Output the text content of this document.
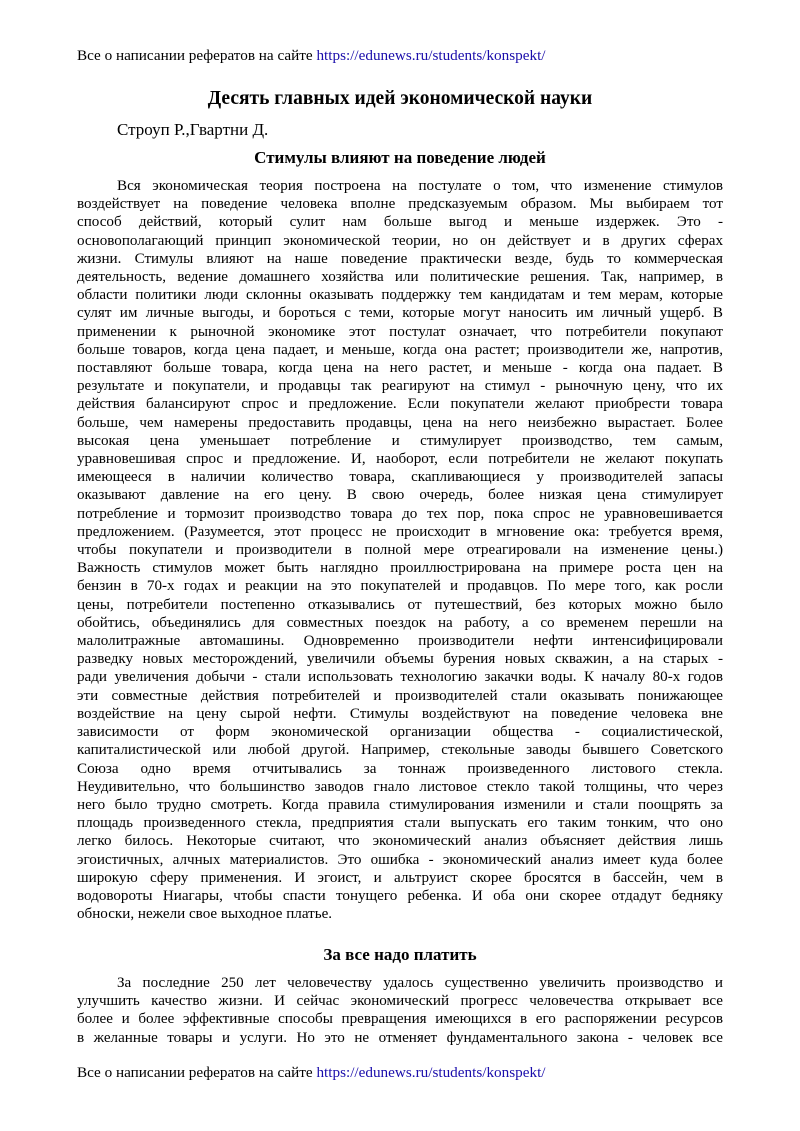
Все о написании рефератов на сайте https://edunews.ru/students/konspekt/
Десять главных идей экономической науки
Строуп Р.,Гвартни Д.
Стимулы влияют на поведение людей
Вся экономическая теория построена на постулате о том, что изменение стимулов
воздействует на поведение человека вполне предсказуемым образом. Мы выбираем тот
способ действий, который сулит нам больше выгод и меньше издержек. Это -
основополагающий принцип экономической теории, но он действует и в других сферах
жизни. Стимулы влияют на наше поведение практически везде, будь то коммерческая
деятельность, ведение домашнего хозяйства или политические решения. Так, например, в
области политики люди склонны оказывать поддержку тем кандидатам и тем мерам, которые
сулят им личные выгоды, и бороться с теми, которые могут наносить им личный ущерб. В
применении к рыночной экономике этот постулат означает, что потребители покупают
больше товаров, когда цена падает, и меньше, когда она растет; производители же, напротив,
поставляют больше товара, когда цена на него растет, и меньше - когда она падает. В
результате и покупатели, и продавцы так реагируют на стимул - рыночную цену, что их
действия балансируют спрос и предложение. Если покупатели желают приобрести товара
больше, чем намерены предоставить продавцы, цена на него неизбежно вырастает. Более
высокая цена уменьшает потребление и стимулирует производство, тем самым,
уравновешивая спрос и предложение. И, наоборот, если потребители не желают покупать
имеющееся в наличии количество товара, скапливающиеся у производителей запасы
оказывают давление на его цену. В свою очередь, более низкая цена стимулирует
потребление и тормозит производство товара до тех пор, пока спрос не уравновешивается
предложением. (Разумеется, этот процесс не происходит в мгновение ока: требуется время,
чтобы покупатели и производители в полной мере отреагировали на изменение цены.)
Важность стимулов может быть наглядно проиллюстрирована на примере роста цен на
бензин в 70-х годах и реакции на это покупателей и продавцов. По мере того, как росли
цены, потребители постепенно отказывались от путешествий, без которых можно было
обойтись, объединялись для совместных поездок на работу, а со временем перешли на
малолитражные автомашины. Одновременно производители нефти интенсифицировали
разведку новых месторождений, увеличили объемы бурения новых скважин, а на старых -
ради увеличения добычи - стали использовать технологию закачки воды. К началу 80-х годов
эти совместные действия потребителей и производителей стали оказывать понижающее
воздействие на цену сырой нефти. Стимулы воздействуют на поведение человека вне
зависимости от форм экономической организации общества - социалистической,
капиталистической или любой другой. Например, стекольные заводы бывшего Советского
Союза одно время отчитывались за тоннаж произведенного листового стекла.
Неудивительно, что большинство заводов гнало листовое стекло такой толщины, что через
него было трудно смотреть. Когда правила стимулирования изменили и стали поощрять за
площадь произведенного стекла, предприятия стали выпускать его таким тонким, что оно
легко билось. Некоторые считают, что экономический анализ объясняет действия лишь
эгоистичных, алчных материалистов. Это ошибка - экономический анализ имеет куда более
широкую сферу применения. И эгоист, и альтруист скорее бросятся в бассейн, чем в
водовороты Ниагары, чтобы спасти тонущего ребенка. И оба они скорее отдадут бедняку
обноски, нежели свое выходное платье.
За все надо платить
За последние 250 лет человечеству удалось существенно увеличить производство и
улучшить качество жизни. И сейчас экономический прогресс человечества открывает все
более и более эффективные способы превращения имеющихся в его распоряжении ресурсов
в желанные товары и услуги. Но это не отменяет фундаментального закона - человек все
Все о написании рефератов на сайте https://edunews.ru/students/konspekt/
